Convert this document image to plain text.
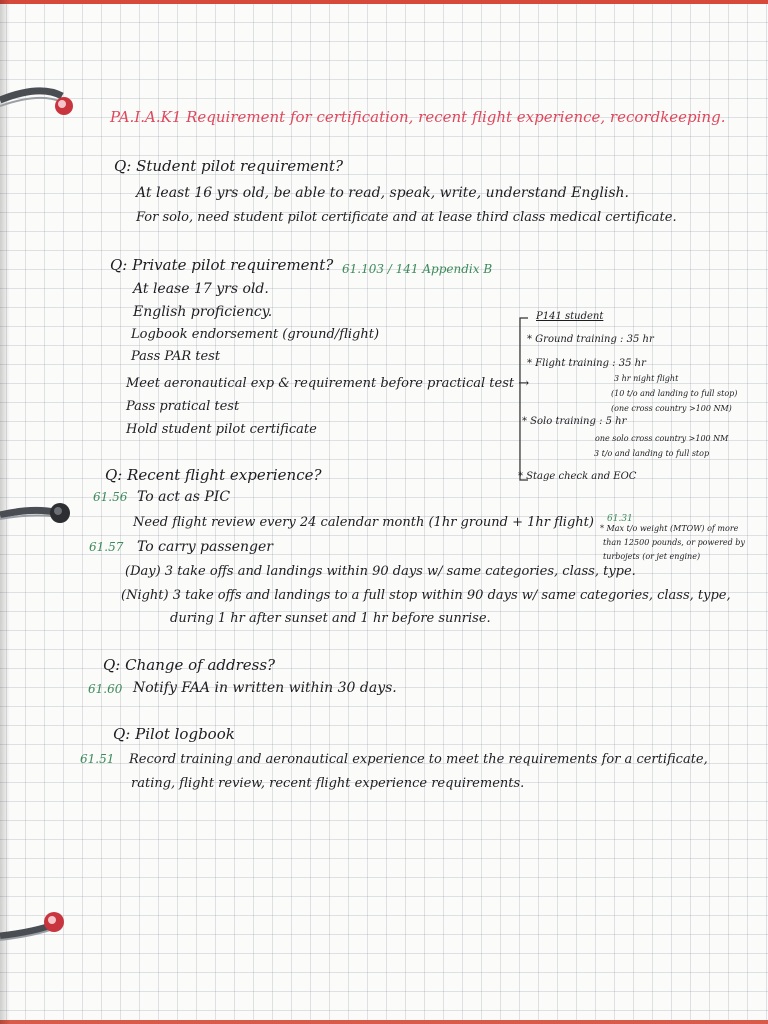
PA.I.A.K1 Requirement for certification, recent flight experience, recordkeeping.
Q: Student pilot requirement?
At least 16 yrs old, be able to read, speak, write, understand English.
For solo, need student pilot certificate and at lease third class medical certificate.
Q: Private pilot requirement? 61.103 / 141 Appendix B
At lease 17 yrs old.
English proficiency.
Logbook endorsement (ground/flight)
Pass PAR test
Meet aeronautical exp & requirement before practical test →
Pass pratical test
Hold student pilot certificate
P141 student
* Ground training : 35 hr
* Flight training : 35 hr
3 hr night flight
(10 t/o and landing to full stop)
(one cross country >100 NM)
* Solo training : 5 hr
one solo cross country >100 NM
3 t/o and landing to full stop
* Stage check and EOC
Q: Recent flight experience?
61.56 To act as PIC
Need flight review every 24 calendar month (1hr ground + 1hr flight)
61.57 To carry passenger
(Day) 3 take offs and landings within 90 days w/ same categories, class, type.
(Night) 3 take offs and landings to a full stop within 90 days w/ same categories, class, type,
during 1 hr after sunset and 1 hr before sunrise.
61.31
* Max t/o weight (MTOW) of more
than 12500 pounds, or powered by
turbojets (or jet engine)
Q: Change of address?
61.60 Notify FAA in written within 30 days.
Q: Pilot logbook
61.51 Record training and aeronautical experience to meet the requirements for a certificate,
rating, flight review, recent flight experience requirements.
